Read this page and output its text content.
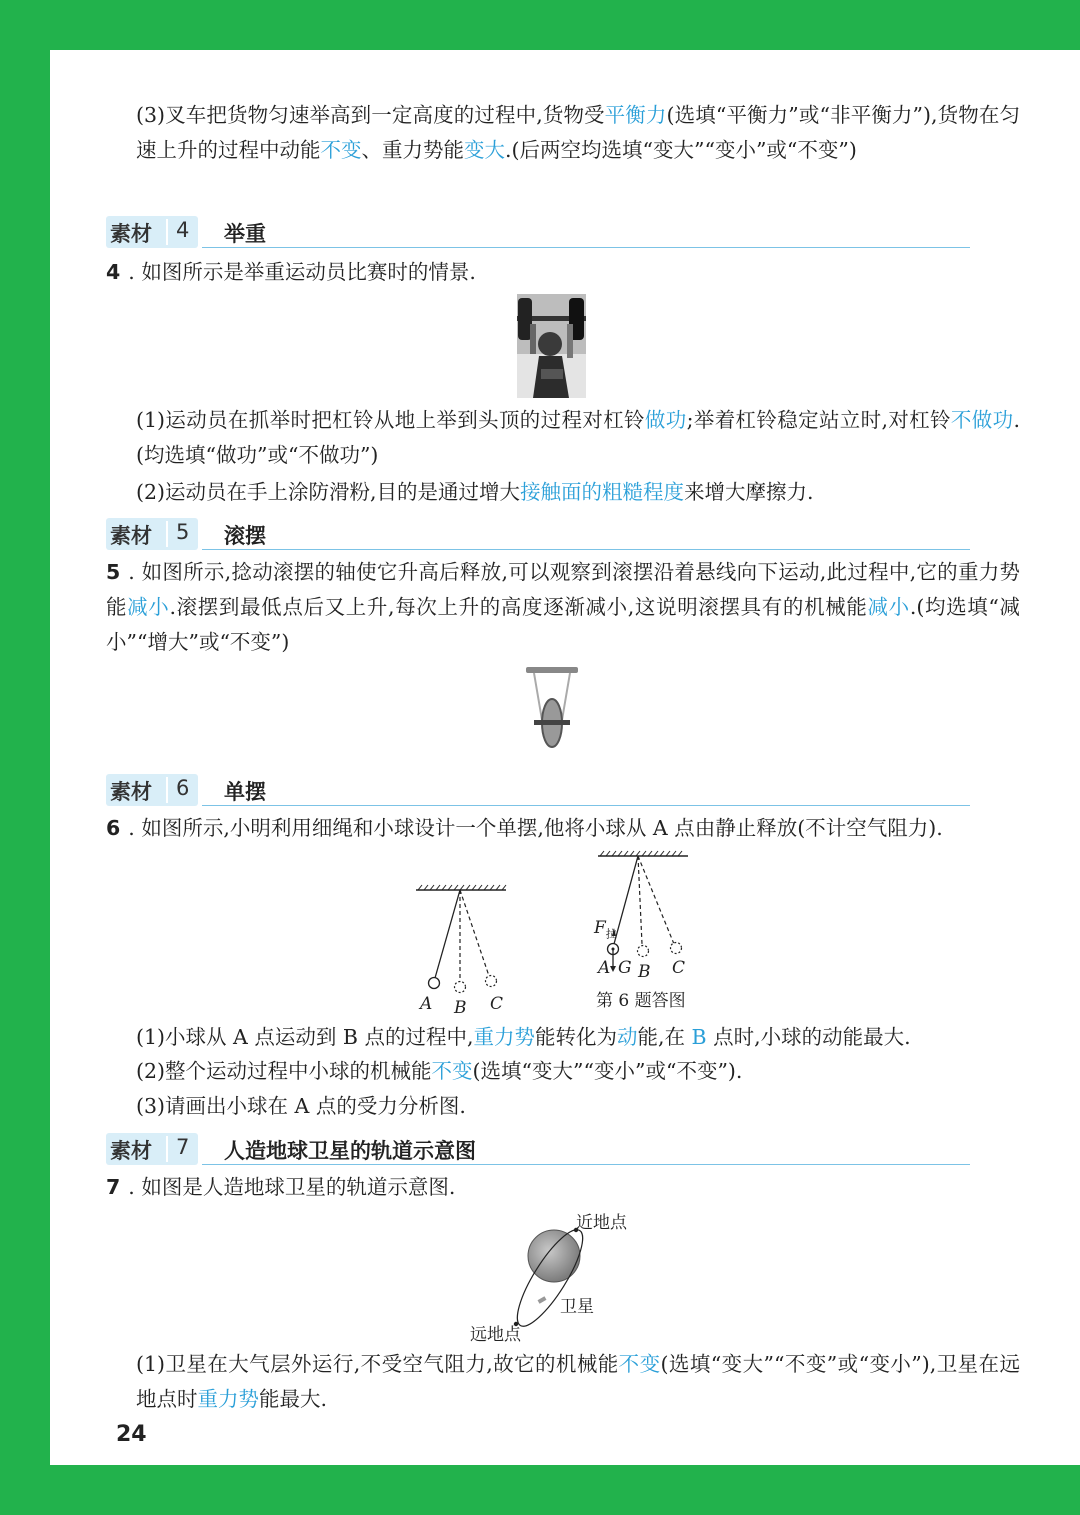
(3)叉车把货物匀速举高到一定高度的过程中,货物受平衡力(选填“平衡力”或“非平衡力”),货物在匀速上升的过程中动能不变、重力势能变大.(后两空均选填“变大”“变小”或“不变”)
素材 4 举重
4 . 如图所示是举重运动员比赛时的情景.
(1)运动员在抓举时把杠铃从地上举到头顶的过程对杠铃做功;举着杠铃稳定站立时,对杠铃不做功.(均选填“做功”或“不做功”)
(2)运动员在手上涂防滑粉,目的是通过增大接触面的粗糙程度来增大摩擦力.
素材 5 滚摆
5 . 如图所示,捻动滚摆的轴使它升高后释放,可以观察到滚摆沿着悬线向下运动,此过程中,它的重力势能减小.滚摆到最低点后又上升,每次上升的高度逐渐减小,这说明滚摆具有的机械能减小.(均选填“减小”“增大”或“不变”)
素材 6 单摆
6 . 如图所示,小明利用细绳和小球设计一个单摆,他将小球从 A 点由静止释放(不计空气阻力).
A B C
$F_拉$
A G B C
第 6 题答图
(1)小球从 A 点运动到 B 点的过程中,重力势能转化为动能,在 B 点时,小球的动能最大.
(2)整个运动过程中小球的机械能不变(选填“变大”“变小”或“不变”).
(3)请画出小球在 A 点的受力分析图.
素材 7 人造地球卫星的轨道示意图
7 . 如图是人造地球卫星的轨道示意图.
近地点
卫星
远地点
(1)卫星在大气层外运行,不受空气阻力,故它的机械能不变(选填“变大”“不变”或“变小”),卫星在远地点时重力势能最大.
24
